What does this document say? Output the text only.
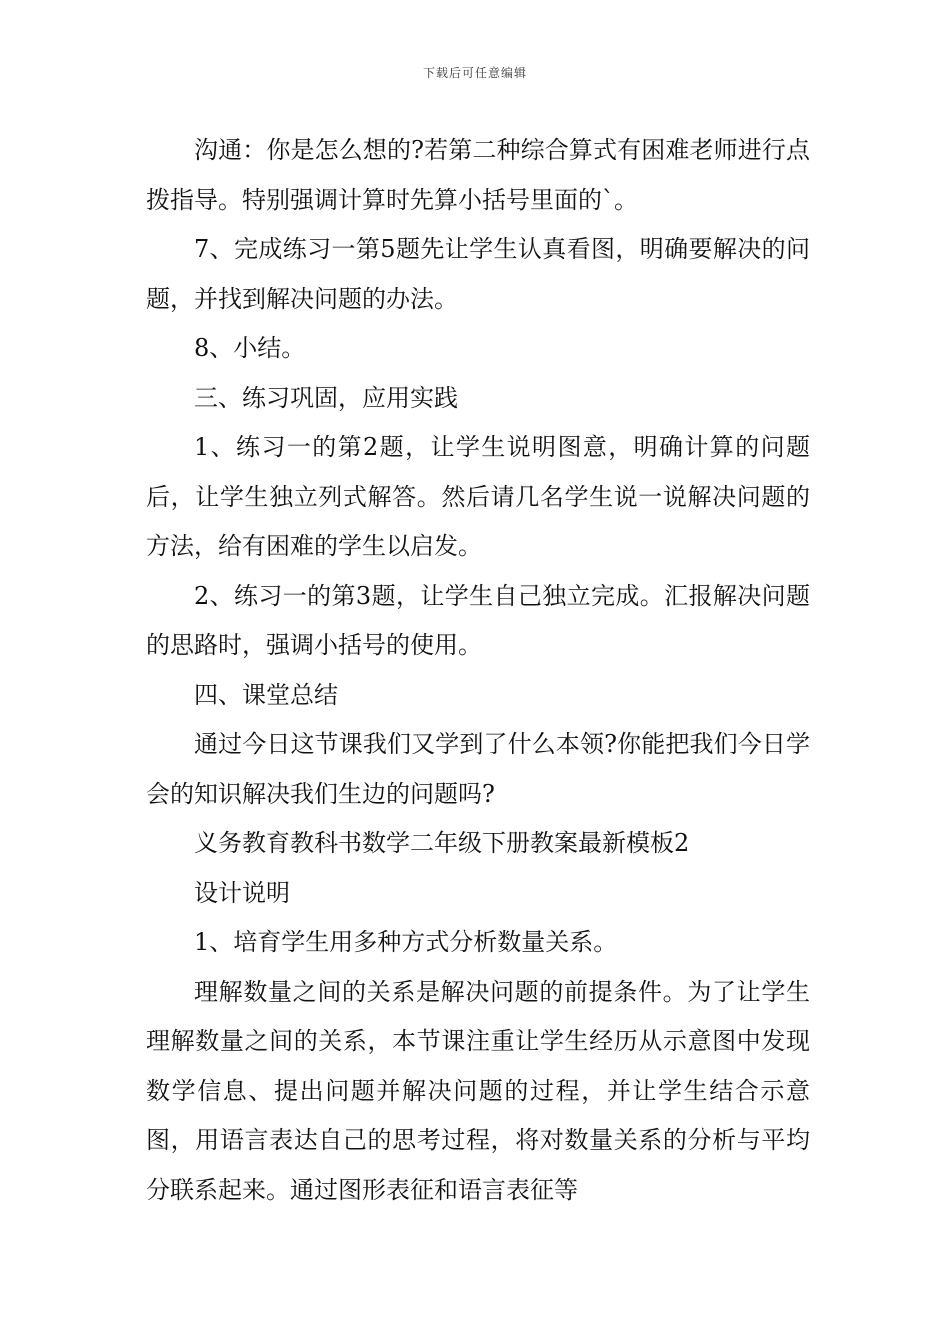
下载后可任意编辑

沟通：你是怎么想的?若第二种综合算式有困难老师进行点拨指导。特别强调计算时先算小括号里面的`。

7、完成练习一第5题先让学生认真看图，明确要解决的问题，并找到解决问题的办法。

8、小结。

三、练习巩固，应用实践

1、练习一的第2题，让学生说明图意，明确计算的问题后，让学生独立列式解答。然后请几名学生说一说解决问题的方法，给有困难的学生以启发。

2、练习一的第3题，让学生自己独立完成。汇报解决问题的思路时，强调小括号的使用。

四、课堂总结

通过今日这节课我们又学到了什么本领?你能把我们今日学会的知识解决我们生边的问题吗?

义务教育教科书数学二年级下册教案最新模板2

设计说明

1、培育学生用多种方式分析数量关系。

理解数量之间的关系是解决问题的前提条件。为了让学生理解数量之间的关系，本节课注重让学生经历从示意图中发现数学信息、提出问题并解决问题的过程，并让学生结合示意图，用语言表达自己的思考过程，将对数量关系的分析与平均分联系起来。通过图形表征和语言表征等
